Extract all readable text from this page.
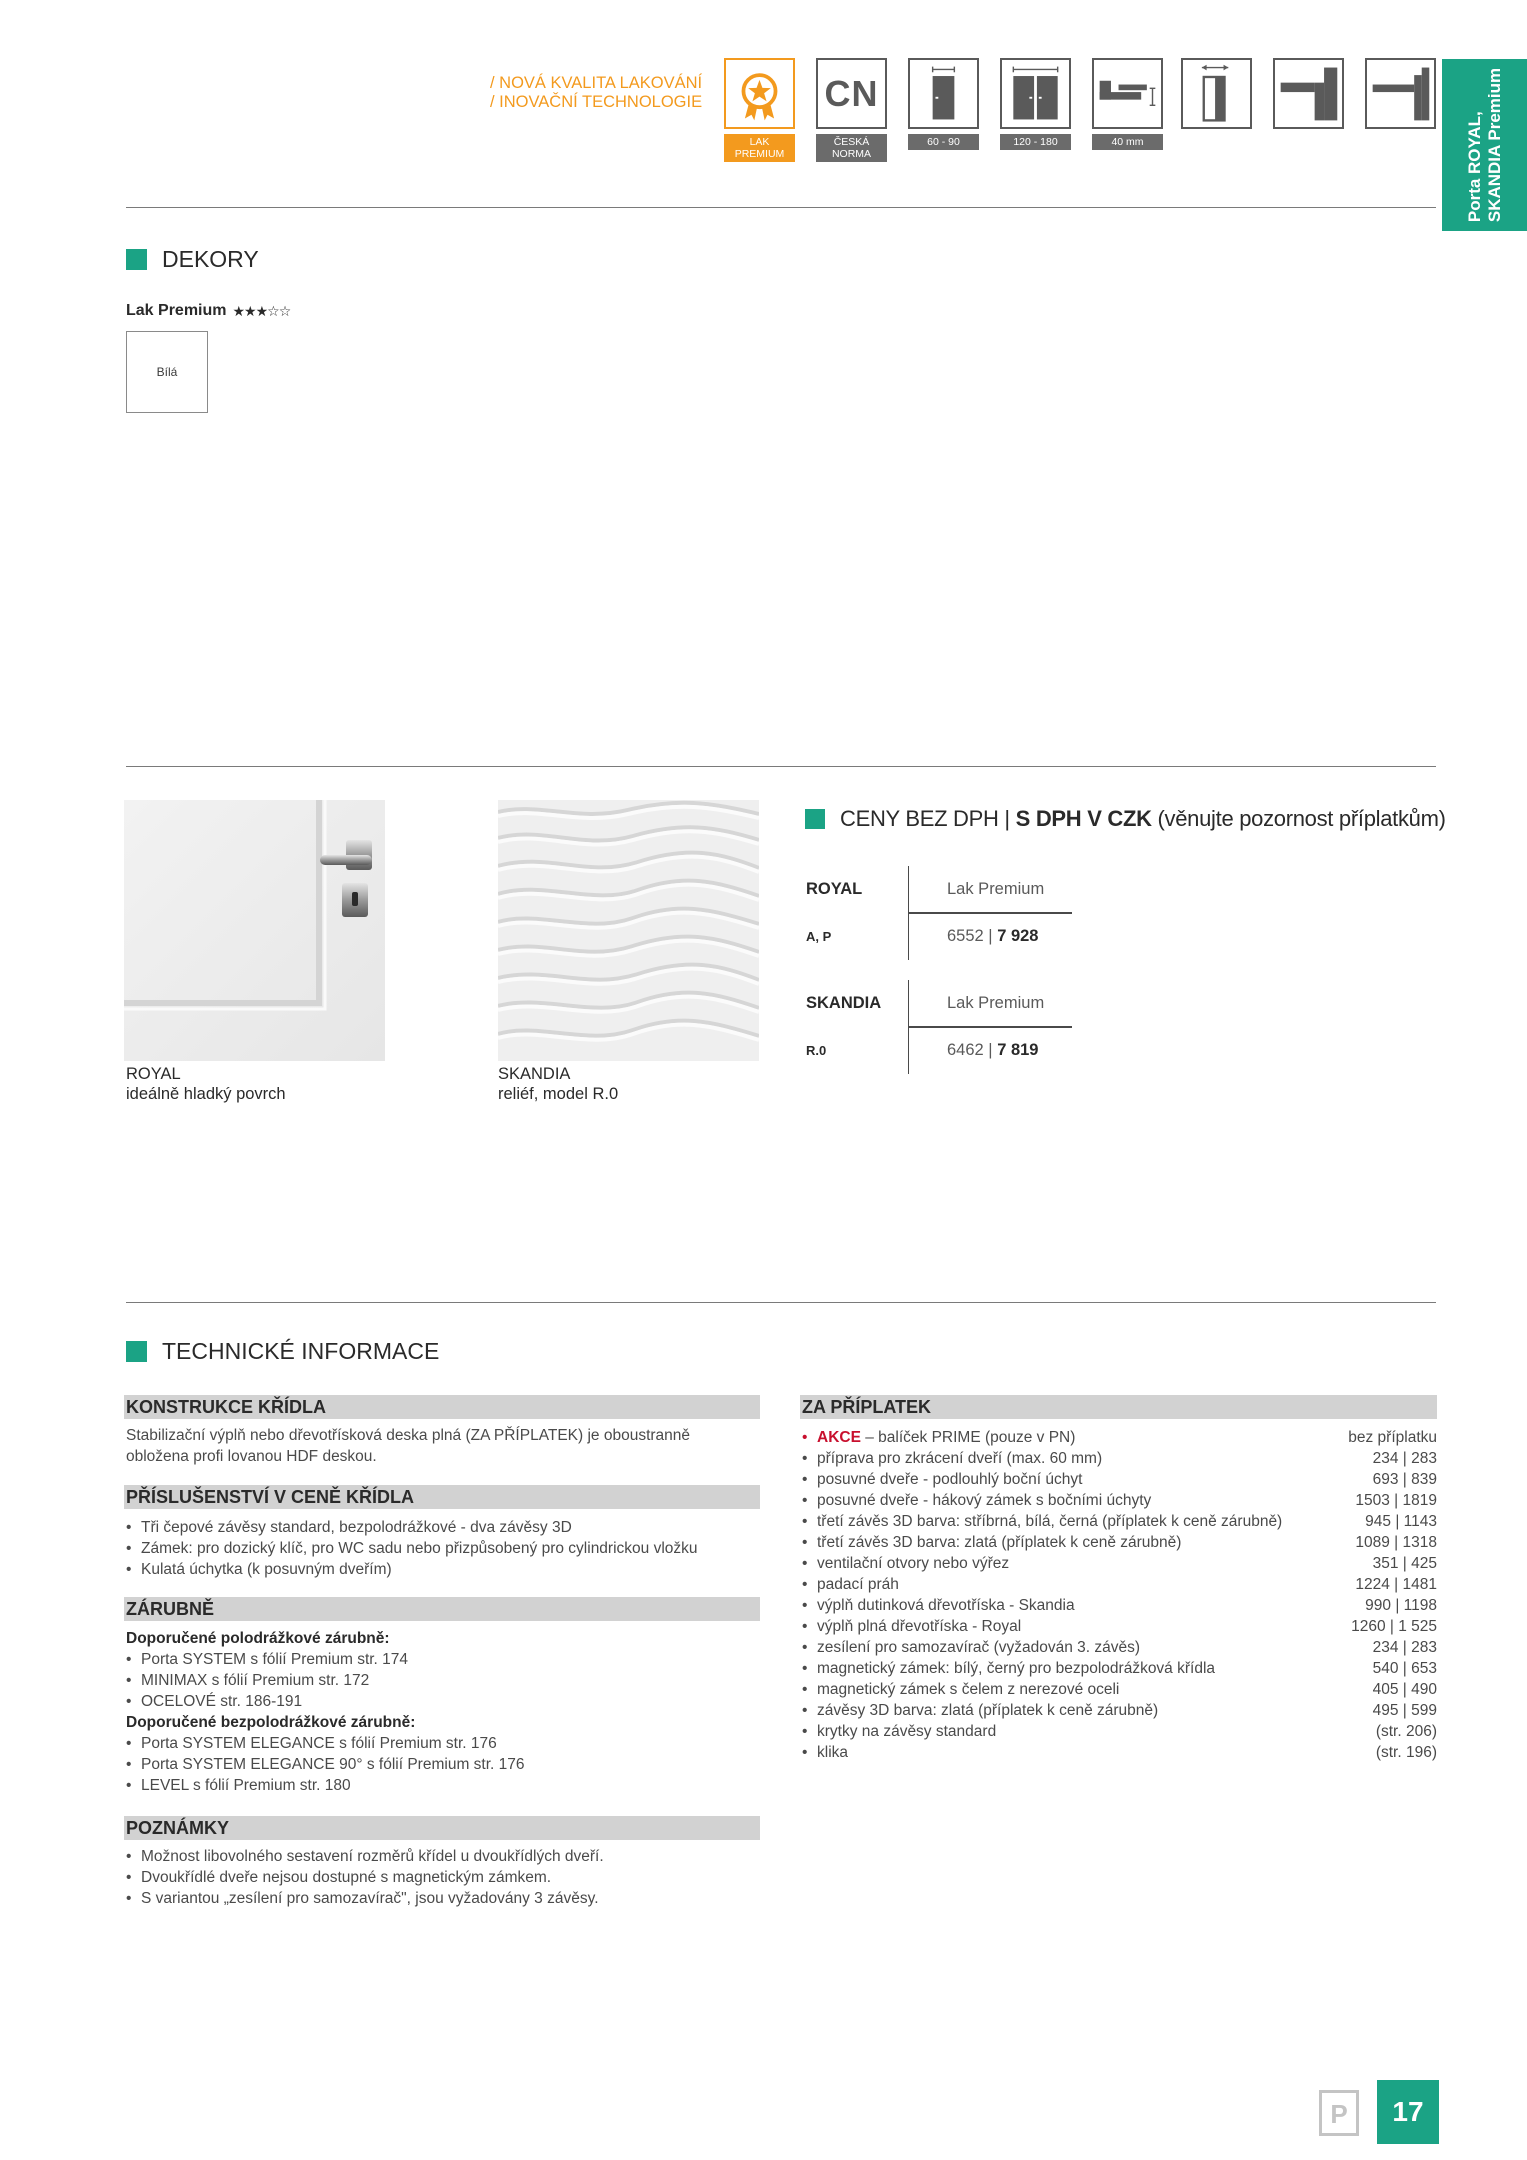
/ NOVÁ KVALITA LAKOVÁNÍ
/ INOVAČNÍ TECHNOLOGIE
LAK PREMIUM
CN
ČESKÁ NORMA
60 - 90	120 - 180	40 mm	Porta ROYAL, SKANDIA Premium
DEKORY
Lak Premium ★★★☆☆
Bílá
ROYAL
ideálně hladký povrch
SKANDIA
reliéf, model R.0
CENY BEZ DPH | S DPH V CZK (věnujte pozornost příplatkům)
ROYAL	Lak Premium
A, P	6552 | 7 928
SKANDIA	Lak Premium
R.0	6462 | 7 819
TECHNICKÉ INFORMACE
KONSTRUKCE KŘÍDLA
Stabilizační výplň nebo dřevotřísková deska plná (ZA PŘÍPLATEK) je oboustranně
obložena profi lovanou HDF deskou.
PŘÍSLUŠENSTVÍ V CENĚ KŘÍDLA
• Tři čepové závěsy standard, bezpolodrážkové - dva závěsy 3D
• Zámek: pro dozický klíč, pro WC sadu nebo přizpůsobený pro cylindrickou vložku
• Kulatá úchytka (k posuvným dveřím)
ZÁRUBNĚ
Doporučené polodrážkové zárubně:
• Porta SYSTEM s fólií Premium str. 174
• MINIMAX s fólií Premium str. 172
• OCELOVÉ str. 186-191
Doporučené bezpolodrážkové zárubně:
• Porta SYSTEM ELEGANCE s fólií Premium str. 176
• Porta SYSTEM ELEGANCE 90° s fólií Premium str. 176
• LEVEL s fólií Premium str. 180
POZNÁMKY
• Možnost libovolného sestavení rozměrů křídel u dvoukřídlých dveří.
• Dvoukřídlé dveře nejsou dostupné s magnetickým zámkem.
• S variantou „zesílení pro samozavírač", jsou vyžadovány 3 závěsy.
ZA PŘÍPLATEK
• AKCE – balíček PRIME (pouze v PN)	bez příplatku
• příprava pro zkrácení dveří (max. 60 mm)	234 | 283
• posuvné dveře - podlouhlý boční úchyt	693 | 839
• posuvné dveře - hákový zámek s bočními úchyty	1503 | 1819
• třetí závěs 3D barva: stříbrná, bílá, černá (příplatek k ceně zárubně)	945 | 1143
• třetí závěs 3D barva: zlatá (příplatek k ceně zárubně)	1089 | 1318
• ventilační otvory nebo výřez	351 | 425
• padací práh	1224 | 1481
• výplň dutinková dřevotříska - Skandia	990 | 1198
• výplň plná dřevotříska - Royal	1260 | 1 525
• zesílení pro samozavírač (vyžadován 3. závěs)	234 | 283
• magnetický zámek: bílý, černý pro bezpolodrážková křídla	540 | 653
• magnetický zámek s čelem z nerezové oceli	405 | 490
• závěsy 3D barva: zlatá (příplatek k ceně zárubně)	495 | 599
• krytky na závěsy standard	(str. 206)
• klika	(str. 196)
P	17
